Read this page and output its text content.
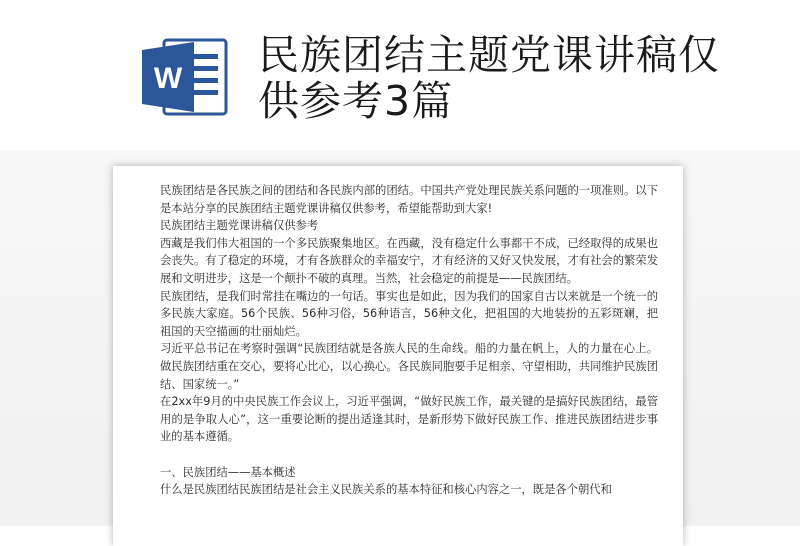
W 民族团结主题党课讲稿仅供参考3篇

民族团结是各民族之间的团结和各民族内部的团结。中国共产党处理民族关系问题的一项准则。以下是本站分享的民族团结主题党课讲稿仅供参考，希望能帮助到大家!

民族团结主题党课讲稿仅供参考

西藏是我们伟大祖国的一个多民族聚集地区。在西藏，没有稳定什么事都干不成，已经取得的成果也会丧失。有了稳定的环境，才有各族群众的幸福安宁，才有经济的又好又快发展，才有社会的繁荣发展和文明进步，这是一个颠扑不破的真理。当然，社会稳定的前提是——民族团结。

民族团结，是我们时常挂在嘴边的一句话。事实也是如此，因为我们的国家自古以来就是一个统一的多民族大家庭。56个民族、56种习俗，56种语言，56种文化，把祖国的大地装扮的五彩斑斓，把祖国的天空描画的壮丽灿烂。

习近平总书记在考察时强调“民族团结就是各族人民的生命线。船的力量在帆上，人的力量在心上。做民族团结重在交心，要将心比心，以心换心。各民族同胞要手足相亲、守望相助，共同维护民族团结、国家统一。”

在2xx年9月的中央民族工作会议上，习近平强调，“做好民族工作，最关键的是搞好民族团结，最管用的是争取人心”，这一重要论断的提出适逢其时，是新形势下做好民族工作、推进民族团结进步事业的基本遵循。

一、民族团结——基本概述

什么是民族团结民族团结是社会主义民族关系的基本特征和核心内容之一，既是各个朝代和
